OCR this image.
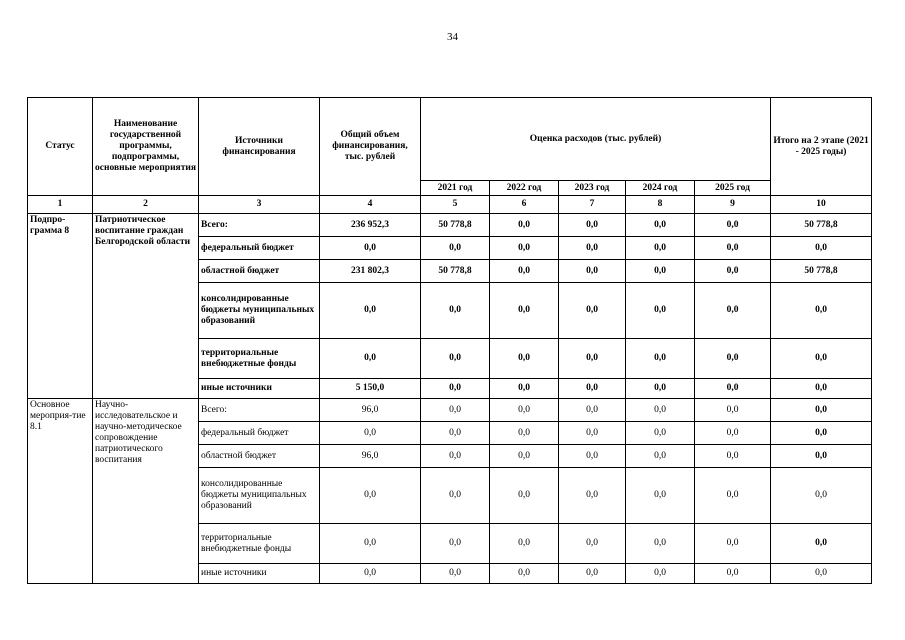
34
Статус	Наименование государственной программы, подпрограммы, основные мероприятия	Источники финансирования	Общий объем финансирования, тыс. рублей	Оценка расходов (тыс. рублей)					Итого на 2 этапе (2021 - 2025 годы)
				2021 год	2022 год	2023 год	2024 год	2025 год	
1	2	3	4	5	6	7	8	9	10
Подпро-грамма 8	Патриотическое воспитание граждан Белгородской области	Всего:	236 952,3	50 778,8	0,0	0,0	0,0	0,0	50 778,8
		федеральный бюджет	0,0	0,0	0,0	0,0	0,0	0,0	0,0
		областной бюджет	231 802,3	50 778,8	0,0	0,0	0,0	0,0	50 778,8
		консолидированные бюджеты муниципальных образований	0,0	0,0	0,0	0,0	0,0	0,0	0,0
		территориальные внебюджетные фонды	0,0	0,0	0,0	0,0	0,0	0,0	0,0
		иные источники	5 150,0	0,0	0,0	0,0	0,0	0,0	0,0
Основное мероприя-тие 8.1	Научно-исследовательское и научно-методическое сопровождение патриотического воспитания	Всего:	96,0	0,0	0,0	0,0	0,0	0,0	0,0
		федеральный бюджет	0,0	0,0	0,0	0,0	0,0	0,0	0,0
		областной бюджет	96,0	0,0	0,0	0,0	0,0	0,0	0,0
		консолидированные бюджеты муниципальных образований	0,0	0,0	0,0	0,0	0,0	0,0	0,0
		территориальные внебюджетные фонды	0,0	0,0	0,0	0,0	0,0	0,0	0,0
		иные источники	0,0	0,0	0,0	0,0	0,0	0,0	0,0
